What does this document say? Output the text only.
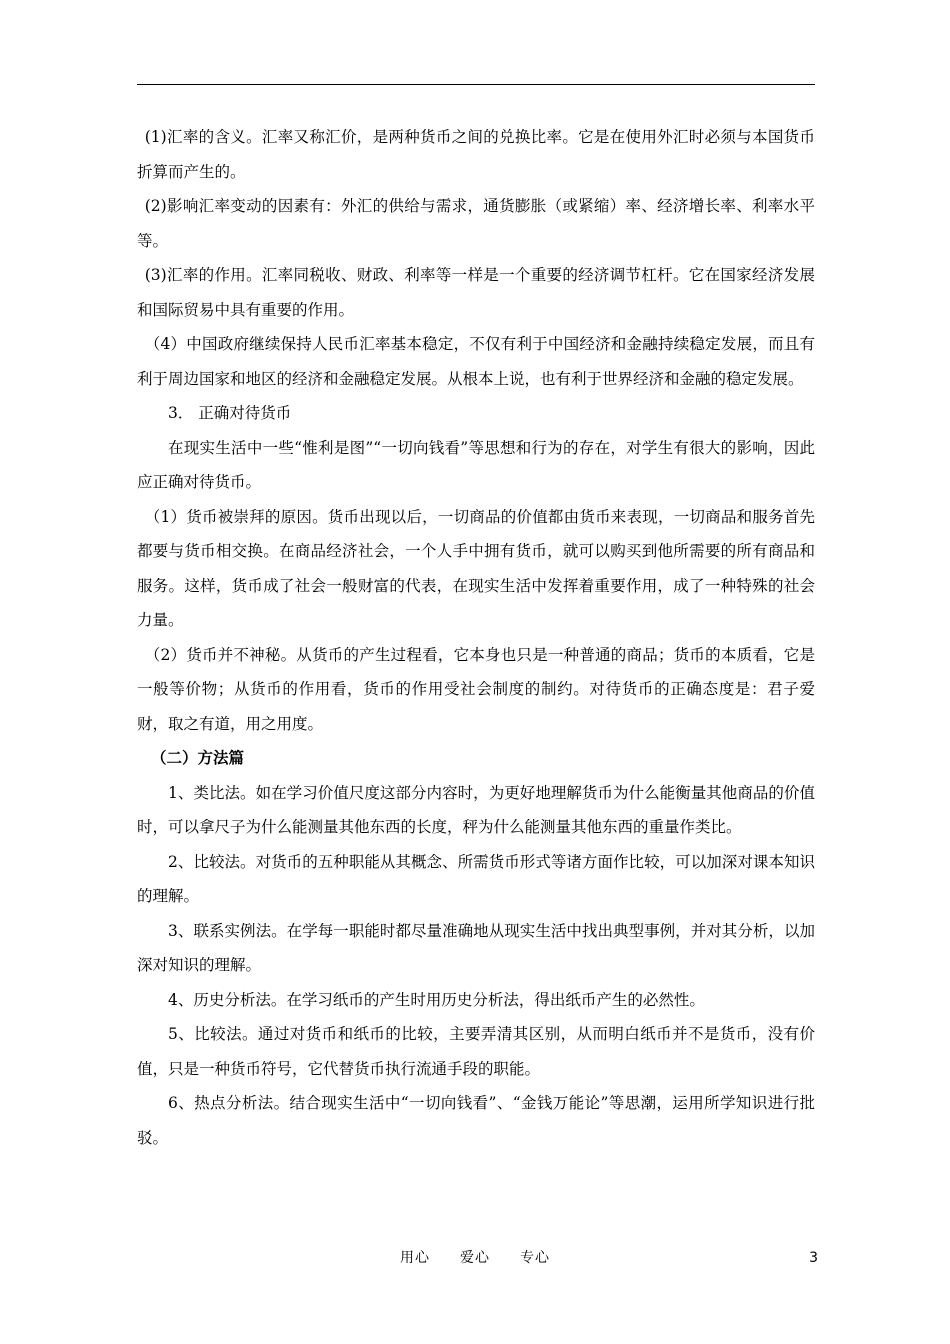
(1)汇率的含义。汇率又称汇价，是两种货币之间的兑换比率。它是在使用外汇时必须与本国货币折算而产生的。

(2)影响汇率变动的因素有：外汇的供给与需求，通货膨胀（或紧缩）率、经济增长率、利率水平等。

(3)汇率的作用。汇率同税收、财政、利率等一样是一个重要的经济调节杠杆。它在国家经济发展和国际贸易中具有重要的作用。

（4）中国政府继续保持人民币汇率基本稳定，不仅有利于中国经济和金融持续稳定发展，而且有利于周边国家和地区的经济和金融稳定发展。从根本上说，也有利于世界经济和金融的稳定发展。

3． 正确对待货币

在现实生活中一些“惟利是图”“一切向钱看”等思想和行为的存在，对学生有很大的影响，因此应正确对待货币。

（1）货币被崇拜的原因。货币出现以后，一切商品的价值都由货币来表现，一切商品和服务首先都要与货币相交换。在商品经济社会，一个人手中拥有货币，就可以购买到他所需要的所有商品和服务。这样，货币成了社会一般财富的代表，在现实生活中发挥着重要作用，成了一种特殊的社会力量。

（2）货币并不神秘。从货币的产生过程看，它本身也只是一种普通的商品；货币的本质看，它是一般等价物；从货币的作用看，货币的作用受社会制度的制约。对待货币的正确态度是：君子爱财，取之有道，用之用度。

（二）方法篇

1、类比法。如在学习价值尺度这部分内容时，为更好地理解货币为什么能衡量其他商品的价值时，可以拿尺子为什么能测量其他东西的长度，秤为什么能测量其他东西的重量作类比。

2、比较法。对货币的五种职能从其概念、所需货币形式等诸方面作比较，可以加深对课本知识的理解。

3、联系实例法。在学每一职能时都尽量准确地从现实生活中找出典型事例，并对其分析，以加深对知识的理解。

4、历史分析法。在学习纸币的产生时用历史分析法，得出纸币产生的必然性。

5、比较法。通过对货币和纸币的比较，主要弄清其区别，从而明白纸币并不是货币，没有价值，只是一种货币符号，它代替货币执行流通手段的职能。

6、热点分析法。结合现实生活中“一切向钱看”、“金钱万能论”等思潮，运用所学知识进行批驳。

用心　　爱心　　专心	3
